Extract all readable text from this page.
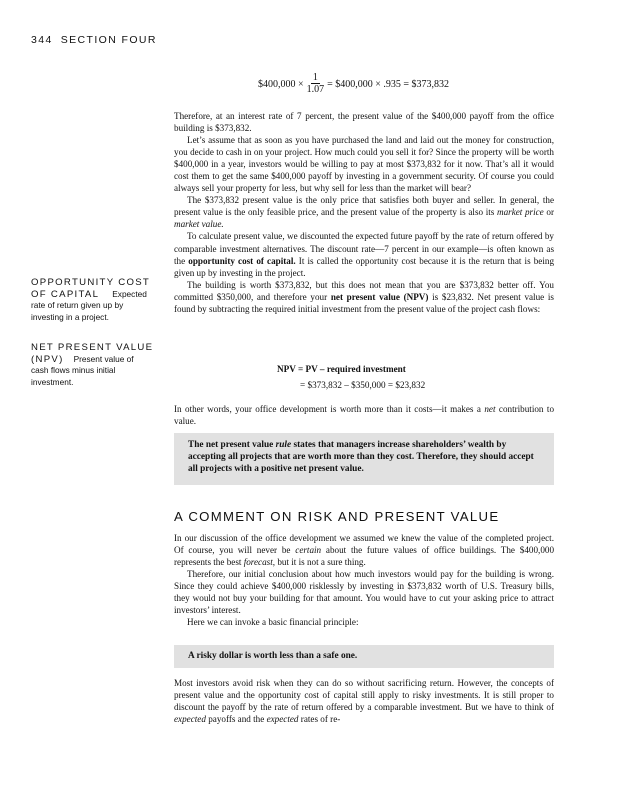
344 SECTION FOUR
$400,000 × $\frac{1}{1.07}$ = $400,000 × .935 = $373,832

Therefore, at an interest rate of 7 percent, the present value of the $400,000 payoff from the office building is $373,832.

Let’s assume that as soon as you have purchased the land and laid out the money for construction, you decide to cash in on your project. How much could you sell it for? Since the property will be worth $400,000 in a year, investors would be willing to pay at most $373,832 for it now. That’s all it would cost them to get the same $400,000 payoff by investing in a government security. Of course you could always sell your property for less, but why sell for less than the market will bear?

The $373,832 present value is the only price that satisfies both buyer and seller. In general, the present value is the only feasible price, and the present value of the property is also its market price or market value.

To calculate present value, we discounted the expected future payoff by the rate of return offered by comparable investment alternatives. The discount rate—7 percent in our example—is often known as the opportunity cost of capital. It is called the opportunity cost because it is the return that is being given up by investing in the project.

The building is worth $373,832, but this does not mean that you are $373,832 better off. You committed $350,000, and therefore your net present value (NPV) is $23,832. Net present value is found by subtracting the required initial investment from the present value of the project cash flows:

OPPORTUNITY COST
OF CAPITAL Expected
rate of return given up by investing in a project.
NET PRESENT VALUE
(NPV) Present value of
cash flows minus initial investment.
NPV = PV – required investment
= $373,832 – $350,000 = $23,832

In other words, your office development is worth more than it costs—it makes a net contribution to value.

The net present value rule states that managers increase shareholders’ wealth by accepting all projects that are worth more than they cost. Therefore, they should accept all projects with a positive net present value.
A COMMENT ON RISK AND PRESENT VALUE

In our discussion of the office development we assumed we knew the value of the completed project. Of course, you will never be certain about the future values of office buildings. The $400,000 represents the best forecast, but it is not a sure thing.

Therefore, our initial conclusion about how much investors would pay for the building is wrong. Since they could achieve $400,000 risklessly by investing in $373,832 worth of U.S. Treasury bills, they would not buy your building for that amount. You would have to cut your asking price to attract investors’ interest.

Here we can invoke a basic financial principle:

A risky dollar is worth less than a safe one.

Most investors avoid risk when they can do so without sacrificing return. However, the concepts of present value and the opportunity cost of capital still apply to risky investments. It is still proper to discount the payoff by the rate of return offered by a comparable investment. But we have to think of expected payoffs and the expected rates of re-
